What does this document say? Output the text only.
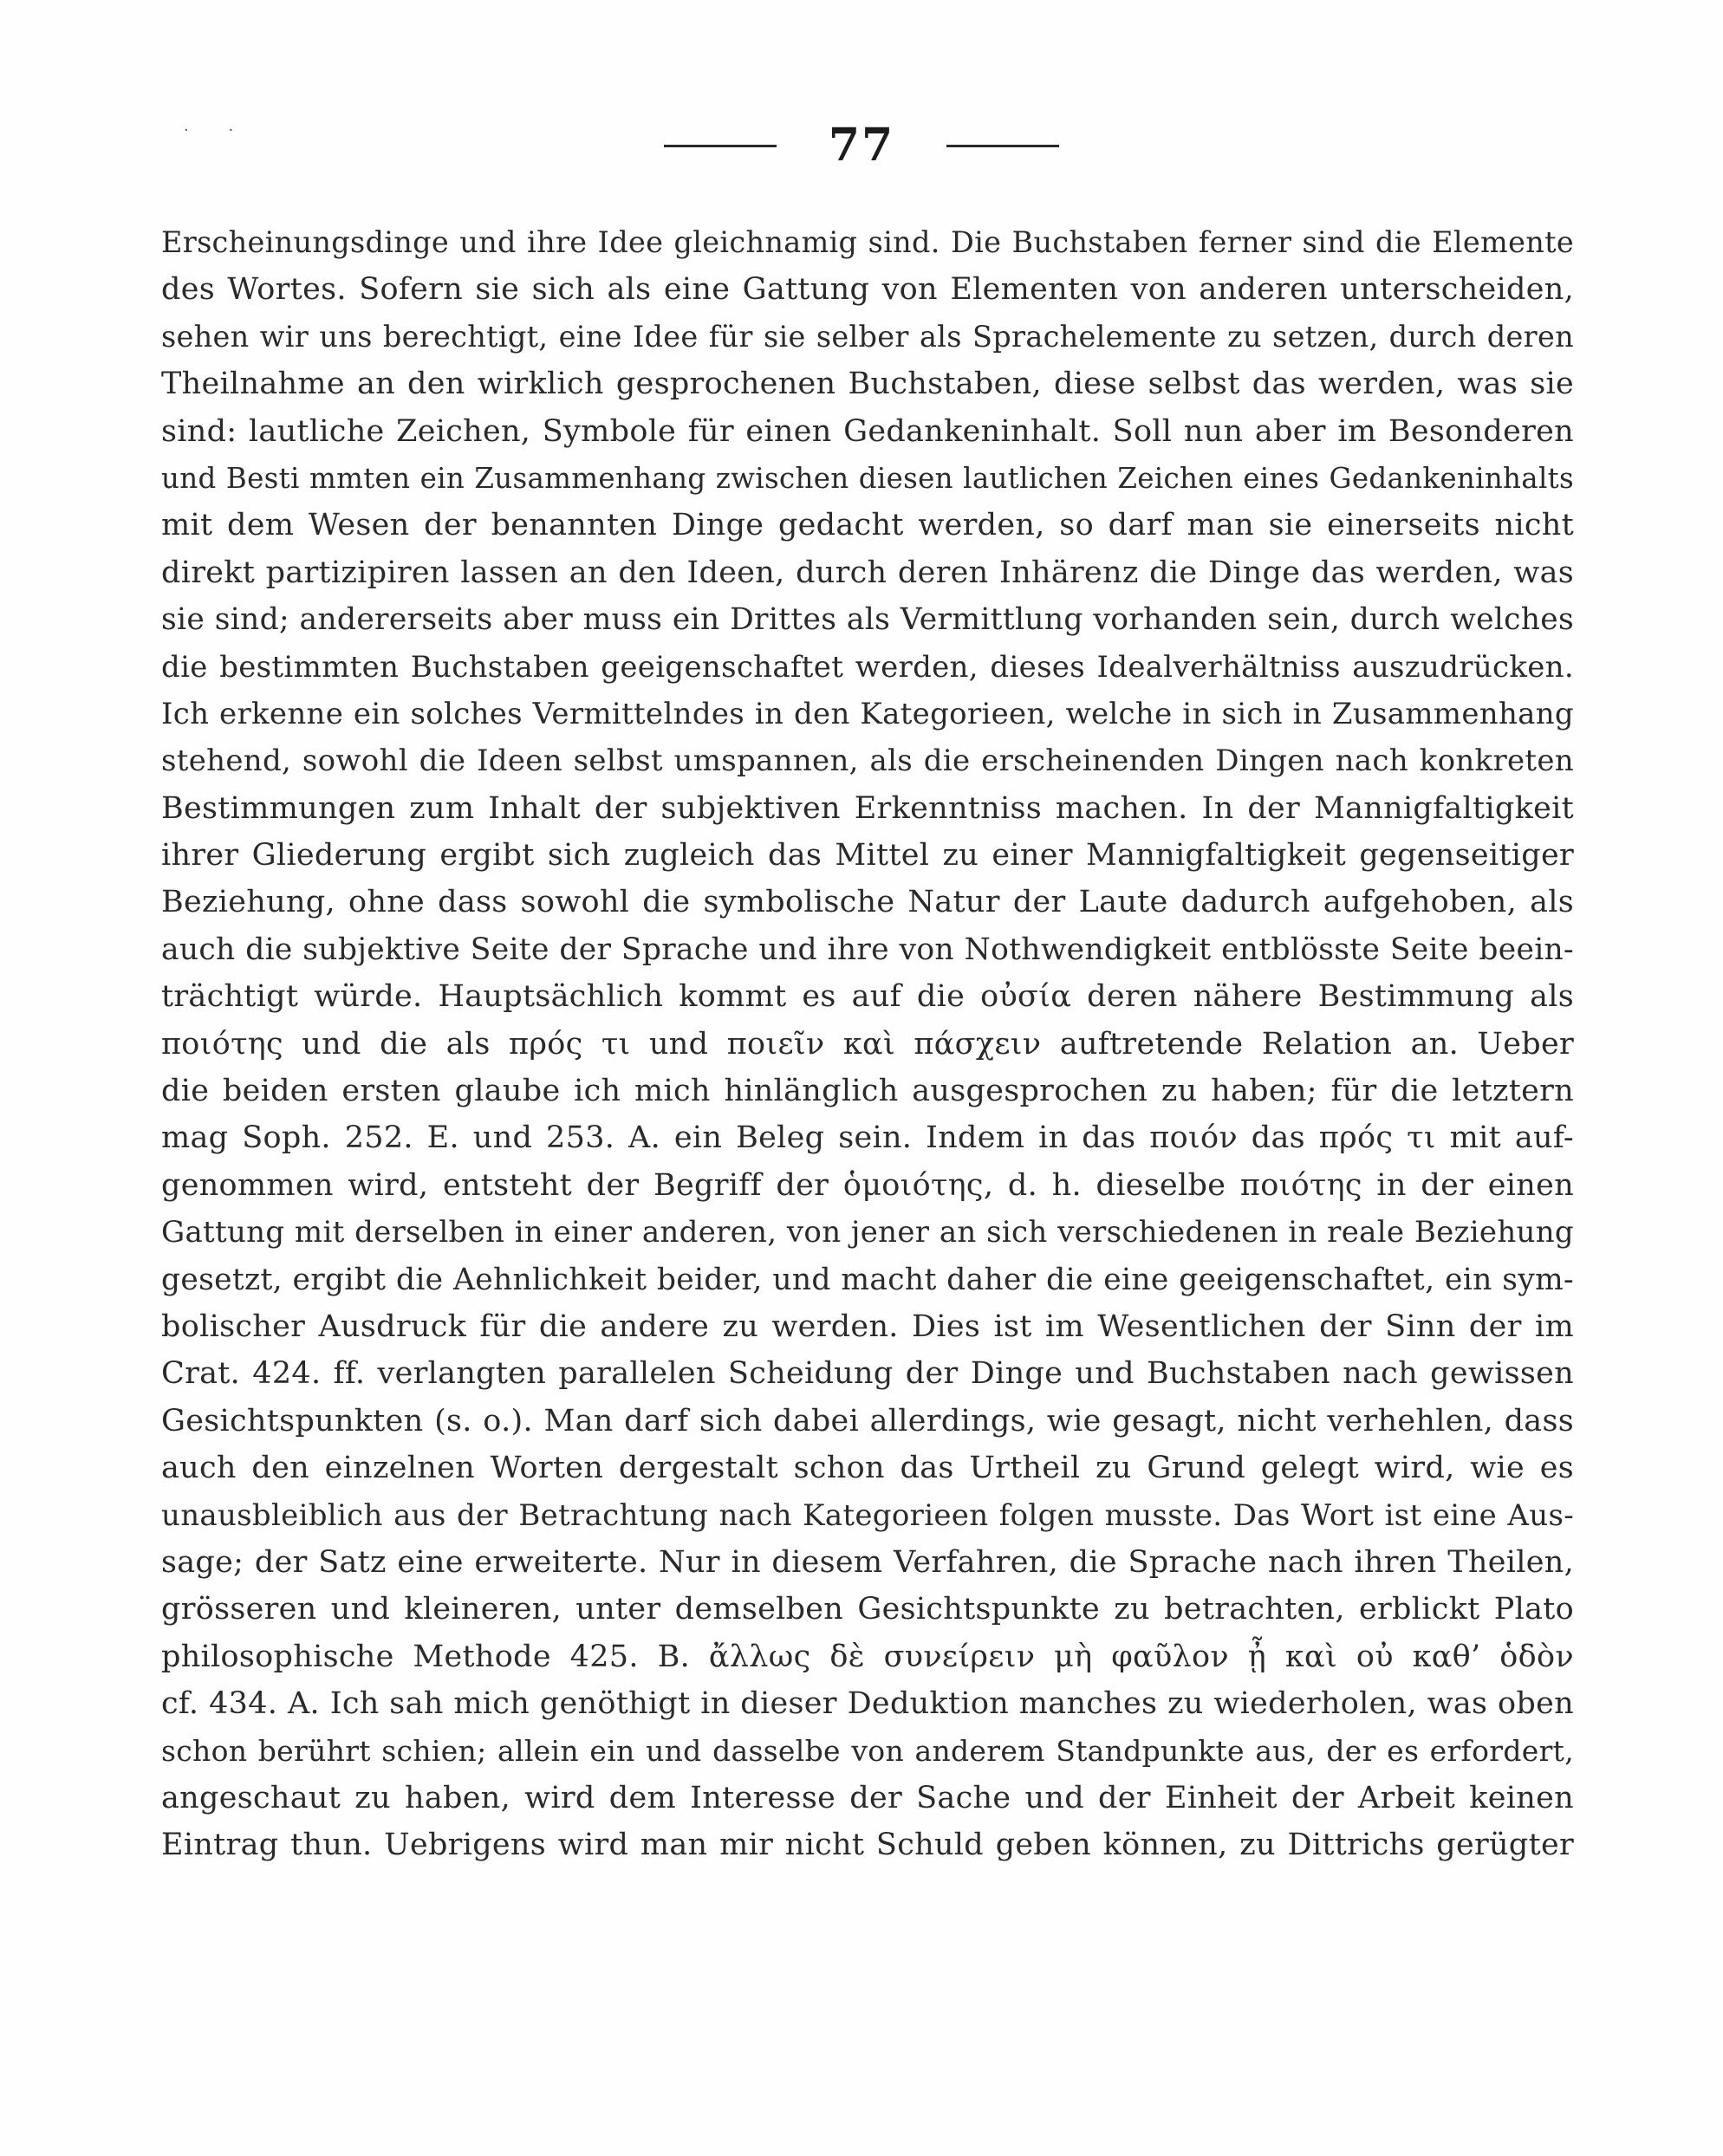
· ·	77
Erscheinungsdinge und ihre Idee gleichnamig sind. Die Buchstaben ferner sind die Elemente
des Wortes. Sofern sie sich als eine Gattung von Elementen von anderen unterscheiden,
sehen wir uns berechtigt, eine Idee für sie selber als Sprachelemente zu setzen, durch deren
Theilnahme an den wirklich gesprochenen Buchstaben, diese selbst das werden, was sie
sind: lautliche Zeichen, Symbole für einen Gedankeninhalt. Soll nun aber im Besonderen
und Besti mmten ein Zusammenhang zwischen diesen lautlichen Zeichen eines Gedankeninhalts
mit dem Wesen der benannten Dinge gedacht werden, so darf man sie einerseits nicht
direkt partizipiren lassen an den Ideen, durch deren Inhärenz die Dinge das werden, was
sie sind; andererseits aber muss ein Drittes als Vermittlung vorhanden sein, durch welches
die bestimmten Buchstaben geeigenschaftet werden, dieses Idealverhältniss auszudrücken.
Ich erkenne ein solches Vermittelndes in den Kategorieen, welche in sich in Zusammenhang
stehend, sowohl die Ideen selbst umspannen, als die erscheinenden Dingen nach konkreten
Bestimmungen zum Inhalt der subjektiven Erkenntniss machen. In der Mannigfaltigkeit
ihrer Gliederung ergibt sich zugleich das Mittel zu einer Mannigfaltigkeit gegenseitiger
Beziehung, ohne dass sowohl die symbolische Natur der Laute dadurch aufgehoben, als
auch die subjektive Seite der Sprache und ihre von Nothwendigkeit entblösste Seite beein-
trächtigt würde. Hauptsächlich kommt es auf die οὐσία deren nähere Bestimmung als
ποιότης und die als πρός τι und ποιεῖν καὶ πάσχειν auftretende Relation an. Ueber
die beiden ersten glaube ich mich hinlänglich ausgesprochen zu haben; für die letztern
mag Soph. 252. E. und 253. A. ein Beleg sein. Indem in das ποιόν das πρός τι mit auf-
genommen wird, entsteht der Begriff der ὁμοιότης, d. h. dieselbe ποιότης in der einen
Gattung mit derselben in einer anderen, von jener an sich verschiedenen in reale Beziehung
gesetzt, ergibt die Aehnlichkeit beider, und macht daher die eine geeigenschaftet, ein sym-
bolischer Ausdruck für die andere zu werden. Dies ist im Wesentlichen der Sinn der im
Crat. 424. ff. verlangten parallelen Scheidung der Dinge und Buchstaben nach gewissen
Gesichtspunkten (s. o.). Man darf sich dabei allerdings, wie gesagt, nicht verhehlen, dass
auch den einzelnen Worten dergestalt schon das Urtheil zu Grund gelegt wird, wie es
unausbleiblich aus der Betrachtung nach Kategorieen folgen musste. Das Wort ist eine Aus-
sage; der Satz eine erweiterte. Nur in diesem Verfahren, die Sprache nach ihren Theilen,
grösseren und kleineren, unter demselben Gesichtspunkte zu betrachten, erblickt Plato
philosophische Methode 425. B. ἄλλως δὲ συνείρειν μὴ φαῦλον ᾖ καὶ οὐ καθ’ ὁδὸν
cf. 434. A. Ich sah mich genöthigt in dieser Deduktion manches zu wiederholen, was oben
schon berührt schien; allein ein und dasselbe von anderem Standpunkte aus, der es erfordert,
angeschaut zu haben, wird dem Interesse der Sache und der Einheit der Arbeit keinen
Eintrag thun. Uebrigens wird man mir nicht Schuld geben können, zu Dittrichs gerügter
